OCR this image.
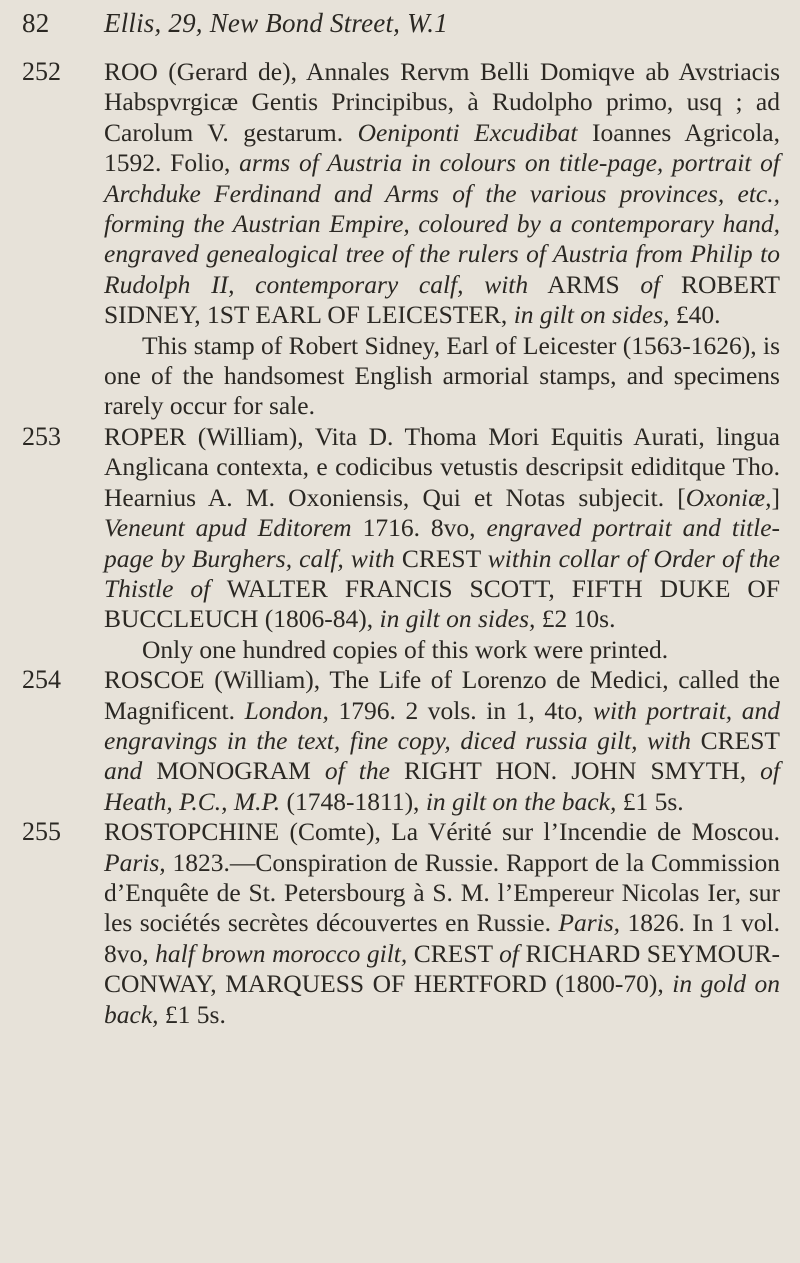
82 Ellis, 29, New Bond Street, W.1
252	ROO (Gerard de), Annales Rervm Belli Domiqve ab Avstriacis Habspvrgicæ Gentis Principibus, à Rudolpho primo, usq ; ad Carolum V. gestarum. Oeniponti Excudibat Ioannes Agricola, 1592. Folio, arms of Austria in colours on title-page, portrait of Archduke Ferdinand and Arms of the various provinces, etc., forming the Austrian Empire, coloured by a contemporary hand, engraved genealogical tree of the rulers of Austria from Philip to Rudolph II, contemporary calf, with ARMS of ROBERT SIDNEY, 1ST EARL OF LEICESTER, in gilt on sides, £40.

This stamp of Robert Sidney, Earl of Leicester (1563-1626), is one of the handsomest English armorial stamps, and specimens rarely occur for sale.

253	ROPER (William), Vita D. Thoma Mori Equitis Aurati, lingua Anglicana contexta, e codicibus vetustis descripsit ediditque Tho. Hearnius A. M. Oxoniensis, Qui et Notas subjecit. [Oxoniæ,] Veneunt apud Editorem 1716. 8vo, engraved portrait and title-page by Burghers, calf, with CREST within collar of Order of the Thistle of WALTER FRANCIS SCOTT, FIFTH DUKE OF BUCCLEUCH (1806-84), in gilt on sides, £2 10s.

Only one hundred copies of this work were printed.

254	ROSCOE (William), The Life of Lorenzo de Medici, called the Magnificent. London, 1796. 2 vols. in 1, 4to, with portrait, and engravings in the text, fine copy, diced russia gilt, with CREST and MONOGRAM of the RIGHT HON. JOHN SMYTH, of Heath, P.C., M.P. (1748-1811), in gilt on the back, £1 5s.

255	ROSTOPCHINE (Comte), La Vérité sur l’Incendie de Moscou. Paris, 1823.—Conspiration de Russie. Rapport de la Commission d’Enquête de St. Petersbourg à S. M. l’Empereur Nicolas Ier, sur les sociétés secrètes découvertes en Russie. Paris, 1826. In 1 vol. 8vo, half brown morocco gilt, CREST of RICHARD SEYMOUR-CONWAY, MARQUESS OF HERTFORD (1800-70), in gold on back, £1 5s.
